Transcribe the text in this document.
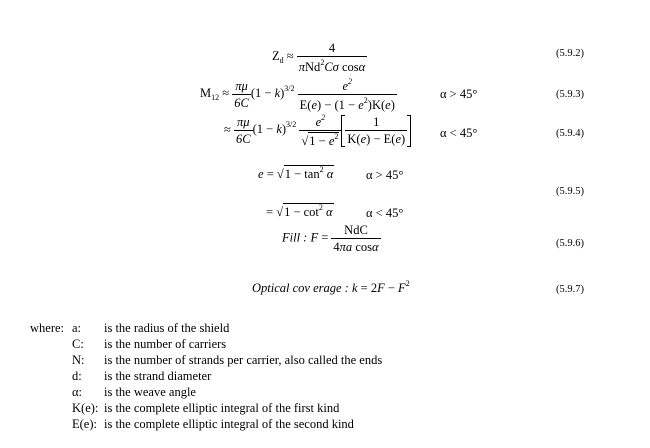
$Z_d \approx \frac{4}{\pi Nd^2C\sigma \cos\alpha}$	(5.9.2)
$M_{12} \approx \frac{\pi\mu}{6C} (1 - k)^{3/2} \frac{e^2}{E(e) - (1 - e^2)K(e)}$	α > 45°	(5.9.3)
≈ $\frac{\pi\mu}{6C} (1 - k)^{3/2} \frac{e^2}{√1 - e^2} \frac{1}{K(e) - E(e)}$	α < 45°	(5.9.4)
$e = √1 - \tan^2 \alpha$	α > 45°
(5.9.5)
= $√1 - \cot^2 \alpha$	α < 45°
Fill : $F = \frac{\text{NdC}}{\text{4πa cosα}}$	(5.9.6)
Optical cov erage : $k = 2F - F^2$
(5.9.7)
where: a: is the radius of the shield
C: is the number of carriers
N: is the number of strands per carrier, also called the ends
d: is the strand diameter
α: is the weave angle
K(e): is the complete elliptic integral of the first kind
E(e): is the complete elliptic integral of the second kind
